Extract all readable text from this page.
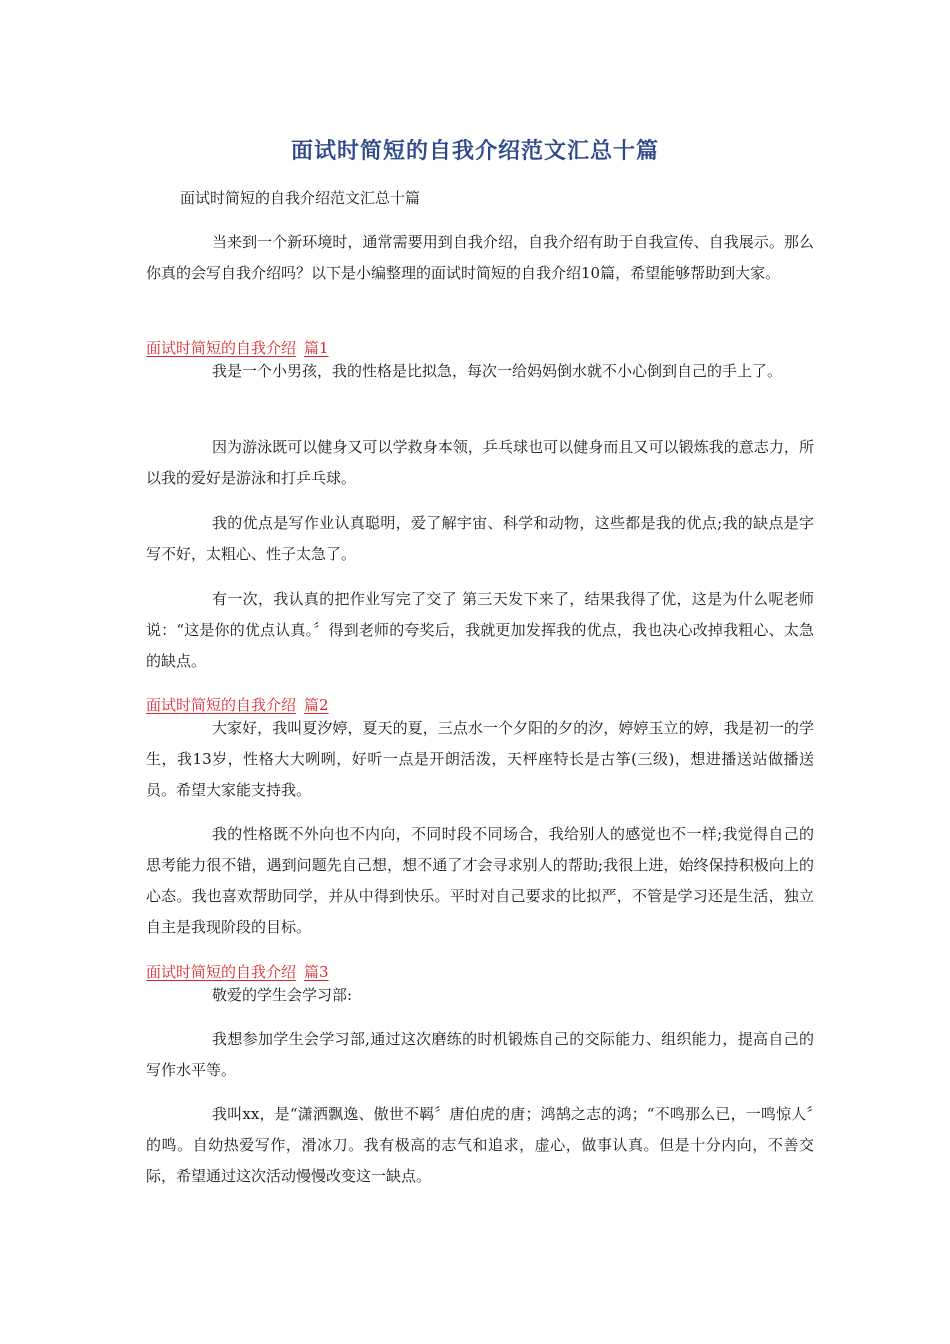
面试时简短的自我介绍范文汇总十篇

面试时简短的自我介绍范文汇总十篇

当来到一个新环境时，通常需要用到自我介绍，自我介绍有助于自我宣传、自我展示。那么你真的会写自我介绍吗？以下是小编整理的面试时简短的自我介绍10篇，希望能够帮助到大家。

面试时简短的自我介绍 篇1

我是一个小男孩，我的性格是比拟急，每次一给妈妈倒水就不小心倒到自己的手上了。

因为游泳既可以健身又可以学救身本领，乒乓球也可以健身而且又可以锻炼我的意志力，所以我的爱好是游泳和打乒乓球。

我的优点是写作业认真聪明，爱了解宇宙、科学和动物，这些都是我的优点;我的缺点是字写不好，太粗心、性子太急了。

有一次，我认真的把作业写完了交了 第三天发下来了，结果我得了优，这是为什么呢老师说：“这是你的优点认真。〞得到老师的夸奖后，我就更加发挥我的优点，我也决心改掉我粗心、太急的缺点。

面试时简短的自我介绍 篇2

大家好，我叫夏汐婷，夏天的夏，三点水一个夕阳的夕的汐，婷婷玉立的婷，我是初一的学生，我13岁，性格大大咧咧，好听一点是开朗活泼，天枰座特长是古筝(三级)，想进播送站做播送员。希望大家能支持我。

我的性格既不外向也不内向，不同时段不同场合，我给别人的感觉也不一样;我觉得自己的思考能力很不错，遇到问题先自己想，想不通了才会寻求别人的帮助;我很上进，始终保持积极向上的心态。我也喜欢帮助同学，并从中得到快乐。平时对自己要求的比拟严，不管是学习还是生活，独立自主是我现阶段的目标。

面试时简短的自我介绍 篇3

敬爱的学生会学习部:

我想参加学生会学习部,通过这次磨练的时机锻炼自己的交际能力、组织能力，提高自己的写作水平等。

我叫xx，是“潇洒飘逸、傲世不羁〞唐伯虎的唐；鸿鹄之志的鸿；“不鸣那么已，一鸣惊人〞的鸣。自幼热爱写作，滑冰刀。我有极高的志气和追求，虚心，做事认真。但是十分内向，不善交际，希望通过这次活动慢慢改变这一缺点。
